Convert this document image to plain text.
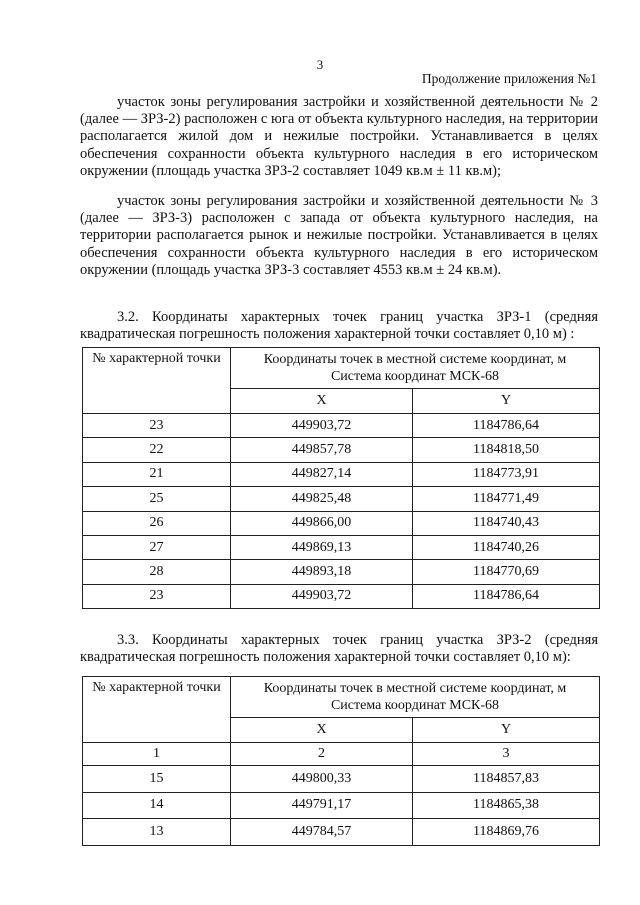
3
Продолжение приложения №1

участок зоны регулирования застройки и хозяйственной деятельности № 2 (далее — ЗРЗ-2) расположен с юга от объекта культурного наследия, на территории располагается жилой дом и нежилые постройки. Устанавливается в целях обеспечения сохранности объекта культурного наследия в его историческом окружении (площадь участка ЗРЗ-2 составляет 1049 кв.м ± 11 кв.м);

участок зоны регулирования застройки и хозяйственной деятельности № 3 (далее — ЗРЗ-3) расположен с запада от объекта культурного наследия, на территории располагается рынок и нежилые постройки. Устанавливается в целях обеспечения сохранности объекта культурного наследия в его историческом окружении (площадь участка ЗРЗ-3 составляет 4553 кв.м ± 24 кв.м).

3.2. Координаты характерных точек границ участка ЗРЗ-1 (средняя квадратическая погрешность положения характерной точки составляет 0,10 м) :

№ характерной точки	Координаты точек в местной системе координат, м
Система координат МСК-68	

	X	Y
23	449903,72	1184786,64
22	449857,78	1184818,50
21	449827,14	1184773,91
25	449825,48	1184771,49
26	449866,00	1184740,43
27	449869,13	1184740,26
28	449893,18	1184770,69
23	449903,72	1184786,64

3.3. Координаты характерных точек границ участка ЗРЗ-2 (средняя квадратическая погрешность положения характерной точки составляет 0,10 м):

№ характерной точки	Координаты точек в местной системе координат, м
Система координат МСК-68	

	X	Y
1	2	3
15	449800,33	1184857,83
14	449791,17	1184865,38
13	449784,57	1184869,76
